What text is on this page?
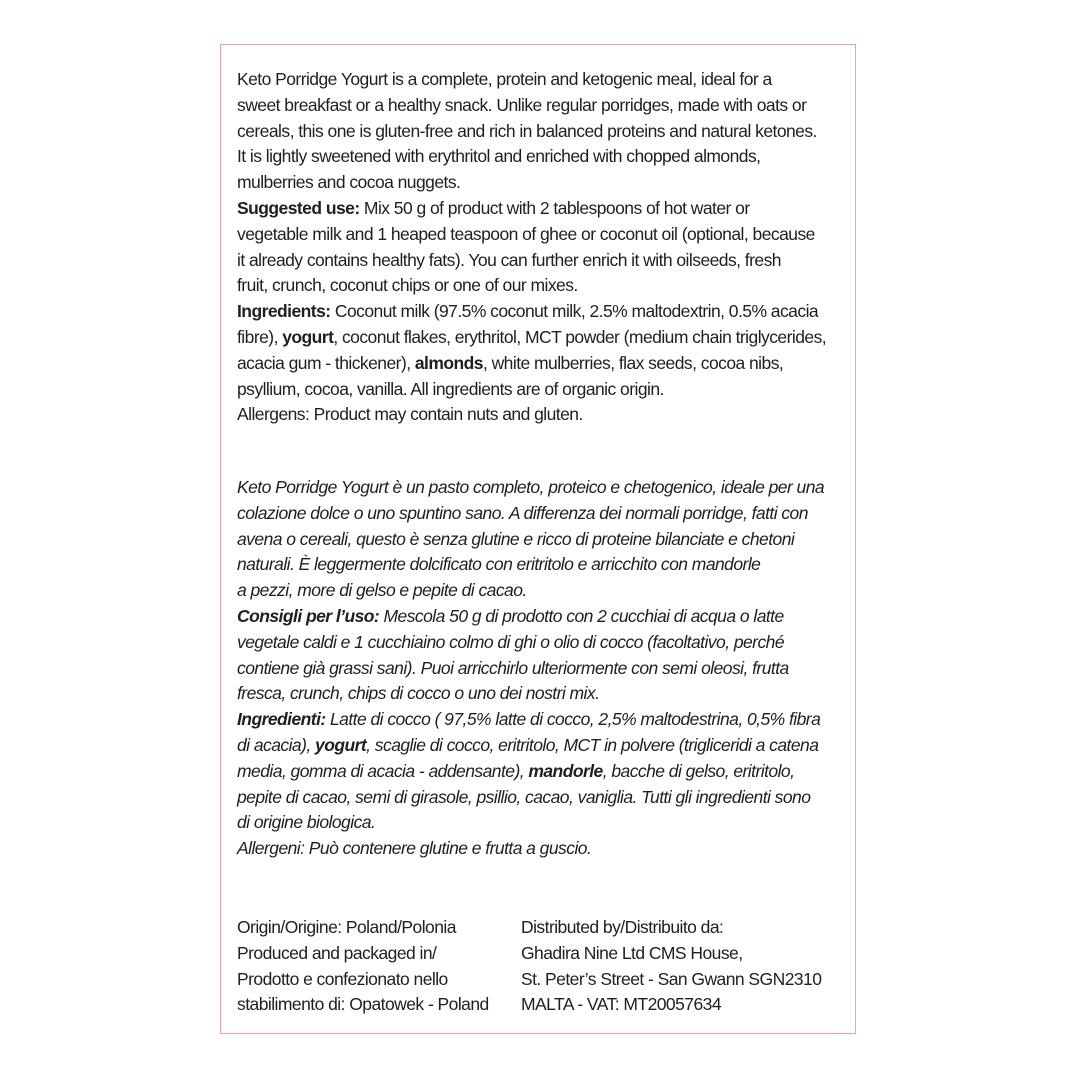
Keto Porridge Yogurt is a complete, protein and ketogenic meal, ideal for a
sweet breakfast or a healthy snack. Unlike regular porridges, made with oats or
cereals, this one is gluten-free and rich in balanced proteins and natural ketones.
It is lightly sweetened with erythritol and enriched with chopped almonds,
mulberries and cocoa nuggets.
Suggested use: Mix 50 g of product with 2 tablespoons of hot water or
vegetable milk and 1 heaped teaspoon of ghee or coconut oil (optional, because
it already contains healthy fats). You can further enrich it with oilseeds, fresh
fruit, crunch, coconut chips or one of our mixes.
Ingredients: Coconut milk (97.5% coconut milk, 2.5% maltodextrin, 0.5% acacia
fibre), yogurt, coconut flakes, erythritol, MCT powder (medium chain triglycerides,
acacia gum - thickener), almonds, white mulberries, flax seeds, cocoa nibs,
psyllium, cocoa, vanilla. All ingredients are of organic origin.
Allergens: Product may contain nuts and gluten.
Keto Porridge Yogurt è un pasto completo, proteico e chetogenico, ideale per una
colazione dolce o uno spuntino sano. A differenza dei normali porridge, fatti con
avena o cereali, questo è senza glutine e ricco di proteine bilanciate e chetoni
naturali. È leggermente dolcificato con eritritolo e arricchito con mandorle
a pezzi, more di gelso e pepite di cacao.
Consigli per l’uso: Mescola 50 g di prodotto con 2 cucchiai di acqua o latte
vegetale caldi e 1 cucchiaino colmo di ghi o olio di cocco (facoltativo, perché
contiene già grassi sani). Puoi arricchirlo ulteriormente con semi oleosi, frutta
fresca, crunch, chips di cocco o uno dei nostri mix.
Ingredienti: Latte di cocco ( 97,5% latte di cocco, 2,5% maltodestrina, 0,5% fibra
di acacia), yogurt, scaglie di cocco, eritritolo, MCT in polvere (trigliceridi a catena
media, gomma di acacia - addensante), mandorle, bacche di gelso, eritritolo,
pepite di cacao, semi di girasole, psillio, cacao, vaniglia. Tutti gli ingredienti sono
di origine biologica.
Allergeni: Può contenere glutine e frutta a guscio.
Origin/Origine: Poland/Polonia
Produced and packaged in/
Prodotto e confezionato nello
stabilimento di: Opatowek - Poland
Distributed by/Distribuito da:
Ghadira Nine Ltd CMS House,
St. Peter’s Street - San Gwann SGN2310
MALTA - VAT: MT20057634
